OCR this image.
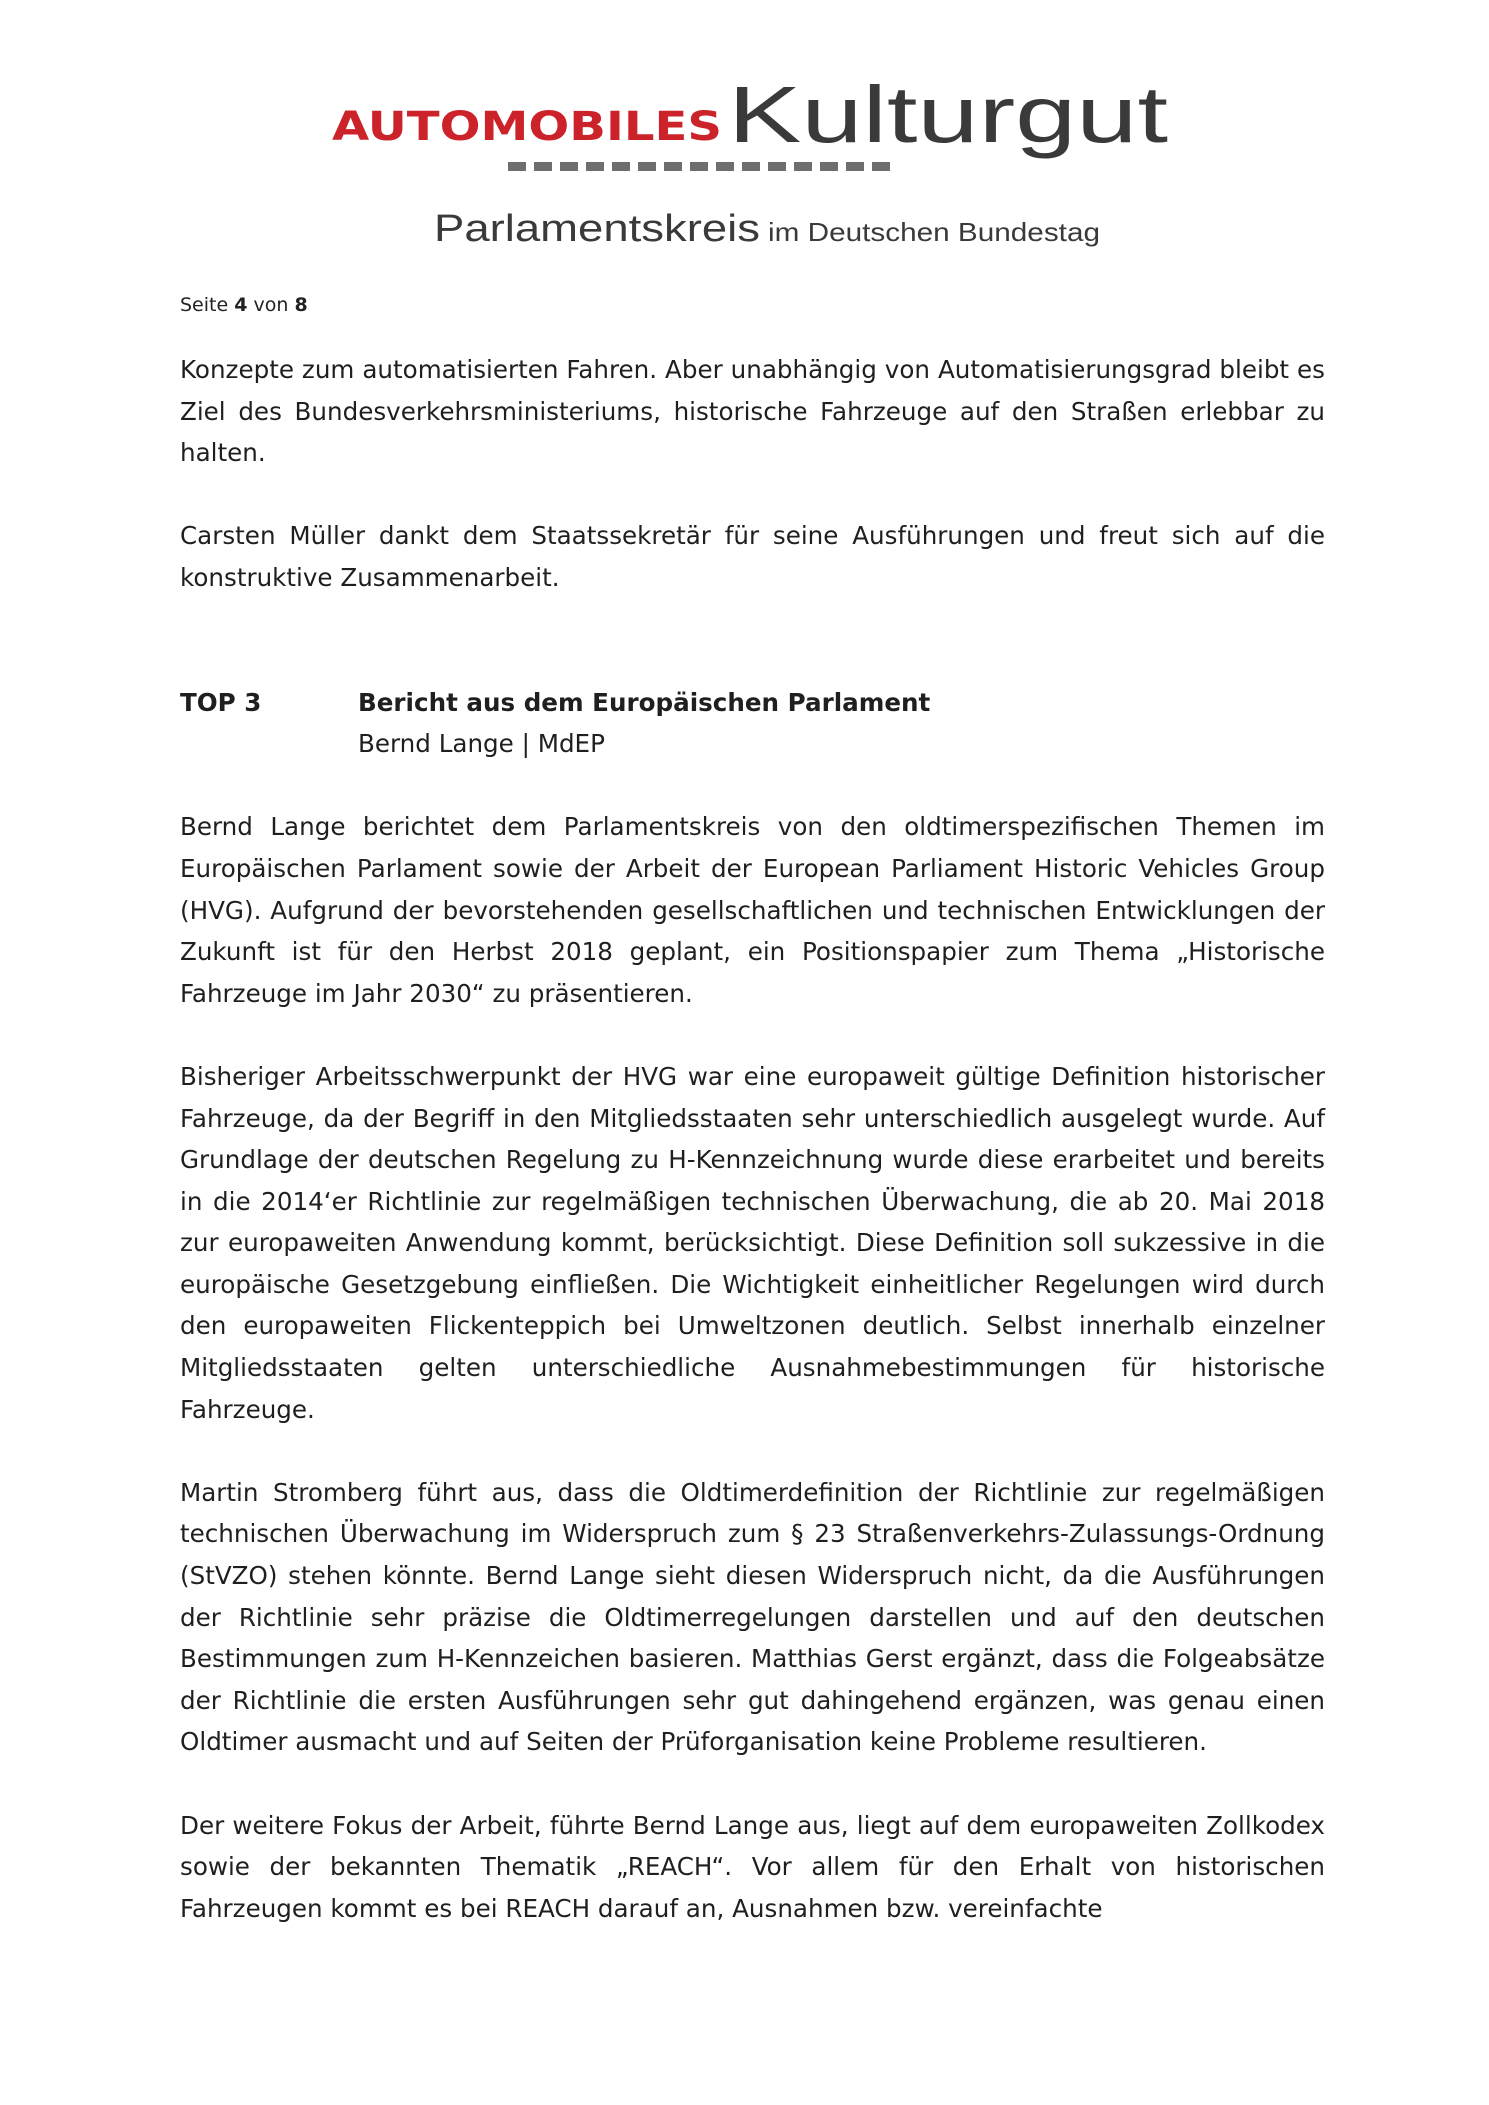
AUTOMOBILES Kulturgut
Parlamentskreis im Deutschen Bundestag
Seite 4 von 8

Konzepte zum automatisierten Fahren. Aber unabhängig von Automatisierungsgrad bleibt es Ziel des Bundesverkehrsministeriums, historische Fahrzeuge auf den Straßen erlebbar zu halten.

Carsten Müller dankt dem Staatssekretär für seine Ausführungen und freut sich auf die konstruktive Zusammenarbeit.

TOP 3	Bericht aus dem Europäischen Parlament
Bernd Lange | MdEP

Bernd Lange berichtet dem Parlamentskreis von den oldtimerspezifischen Themen im Europäischen Parlament sowie der Arbeit der European Parliament Historic Vehicles Group (HVG). Aufgrund der bevorstehenden gesellschaftlichen und technischen Entwicklungen der Zukunft ist für den Herbst 2018 geplant, ein Positionspapier zum Thema „Historische Fahrzeuge im Jahr 2030“ zu präsentieren.

Bisheriger Arbeitsschwerpunkt der HVG war eine europaweit gültige Definition historischer Fahrzeuge, da der Begriff in den Mitgliedsstaaten sehr unterschiedlich ausgelegt wurde. Auf Grundlage der deutschen Regelung zu H-Kennzeichnung wurde diese erarbeitet und bereits in die 2014‘er Richtlinie zur regelmäßigen technischen Überwachung, die ab 20. Mai 2018 zur europaweiten Anwendung kommt, berücksichtigt. Diese Definition soll sukzessive in die europäische Gesetzgebung einfließen. Die Wichtigkeit einheitlicher Regelungen wird durch den europaweiten Flickenteppich bei Umweltzonen deutlich. Selbst innerhalb einzelner Mitgliedsstaaten gelten unterschiedliche Ausnahmebestimmungen für historische Fahrzeuge.

Martin Stromberg führt aus, dass die Oldtimerdefinition der Richtlinie zur regelmäßigen technischen Überwachung im Widerspruch zum § 23 Straßenverkehrs-Zulassungs-Ordnung (StVZO) stehen könnte. Bernd Lange sieht diesen Widerspruch nicht, da die Ausführungen der Richtlinie sehr präzise die Oldtimerregelungen darstellen und auf den deutschen Bestimmungen zum H-Kennzeichen basieren. Matthias Gerst ergänzt, dass die Folgeabsätze der Richtlinie die ersten Ausführungen sehr gut dahingehend ergänzen, was genau einen Oldtimer ausmacht und auf Seiten der Prüforganisation keine Probleme resultieren.

Der weitere Fokus der Arbeit, führte Bernd Lange aus, liegt auf dem europaweiten Zollkodex sowie der bekannten Thematik „REACH“. Vor allem für den Erhalt von historischen Fahrzeugen kommt es bei REACH darauf an, Ausnahmen bzw. vereinfachte
